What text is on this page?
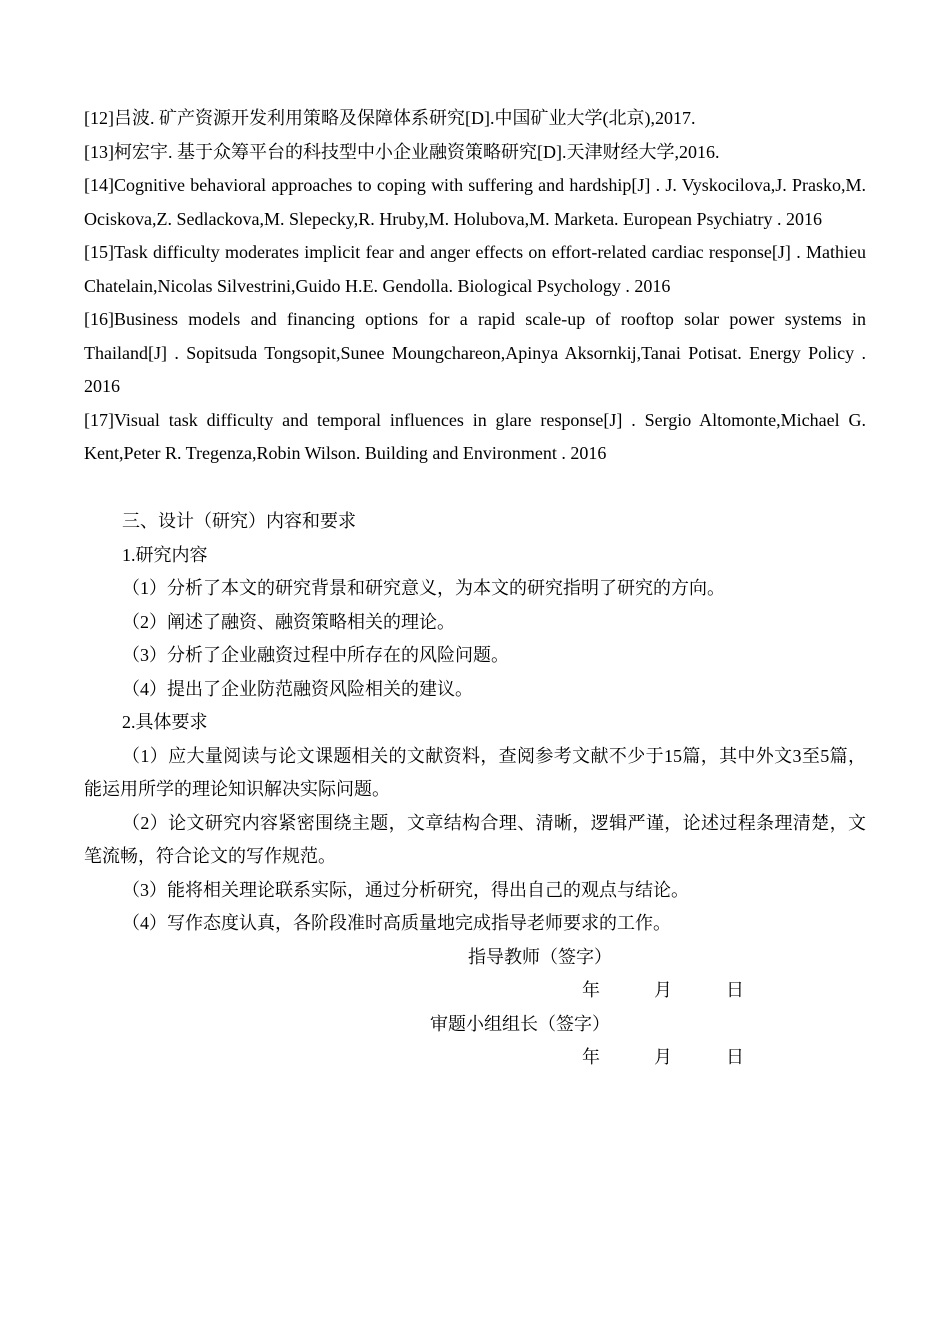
[12]吕波. 矿产资源开发利用策略及保障体系研究[D].中国矿业大学(北京),2017.

[13]柯宏宇. 基于众筹平台的科技型中小企业融资策略研究[D].天津财经大学,2016.

[14]Cognitive behavioral approaches to coping with suffering and hardship[J] . J. Vyskocilova,J. Prasko,M. Ociskova,Z. Sedlackova,M. Slepecky,R. Hruby,M. Holubova,M. Marketa. European Psychiatry . 2016

[15]Task difficulty moderates implicit fear and anger effects on effort-related cardiac response[J] . Mathieu Chatelain,Nicolas Silvestrini,Guido H.E. Gendolla. Biological Psychology . 2016

[16]Business models and financing options for a rapid scale-up of rooftop solar power systems in Thailand[J] . Sopitsuda Tongsopit,Sunee Moungchareon,Apinya Aksornkij,Tanai Potisat. Energy Policy . 2016

[17]Visual task difficulty and temporal influences in glare response[J] . Sergio Altomonte,Michael G. Kent,Peter R. Tregenza,Robin Wilson. Building and Environment . 2016

三、设计（研究）内容和要求

1.研究内容

（1）分析了本文的研究背景和研究意义，为本文的研究指明了研究的方向。

（2）阐述了融资、融资策略相关的理论。

（3）分析了企业融资过程中所存在的风险问题。

（4）提出了企业防范融资风险相关的建议。

2.具体要求

（1）应大量阅读与论文课题相关的文献资料，查阅参考文献不少于15篇，其中外文3至5篇，能运用所学的理论知识解决实际问题。

（2）论文研究内容紧密围绕主题，文章结构合理、清晰，逻辑严谨，论述过程条理清楚，文笔流畅，符合论文的写作规范。

（3）能将相关理论联系实际，通过分析研究，得出自己的观点与结论。

（4）写作态度认真，各阶段准时高质量地完成指导老师要求的工作。

指导教师（签字）
年	月	日
审题小组组长（签字）
年	月	日
